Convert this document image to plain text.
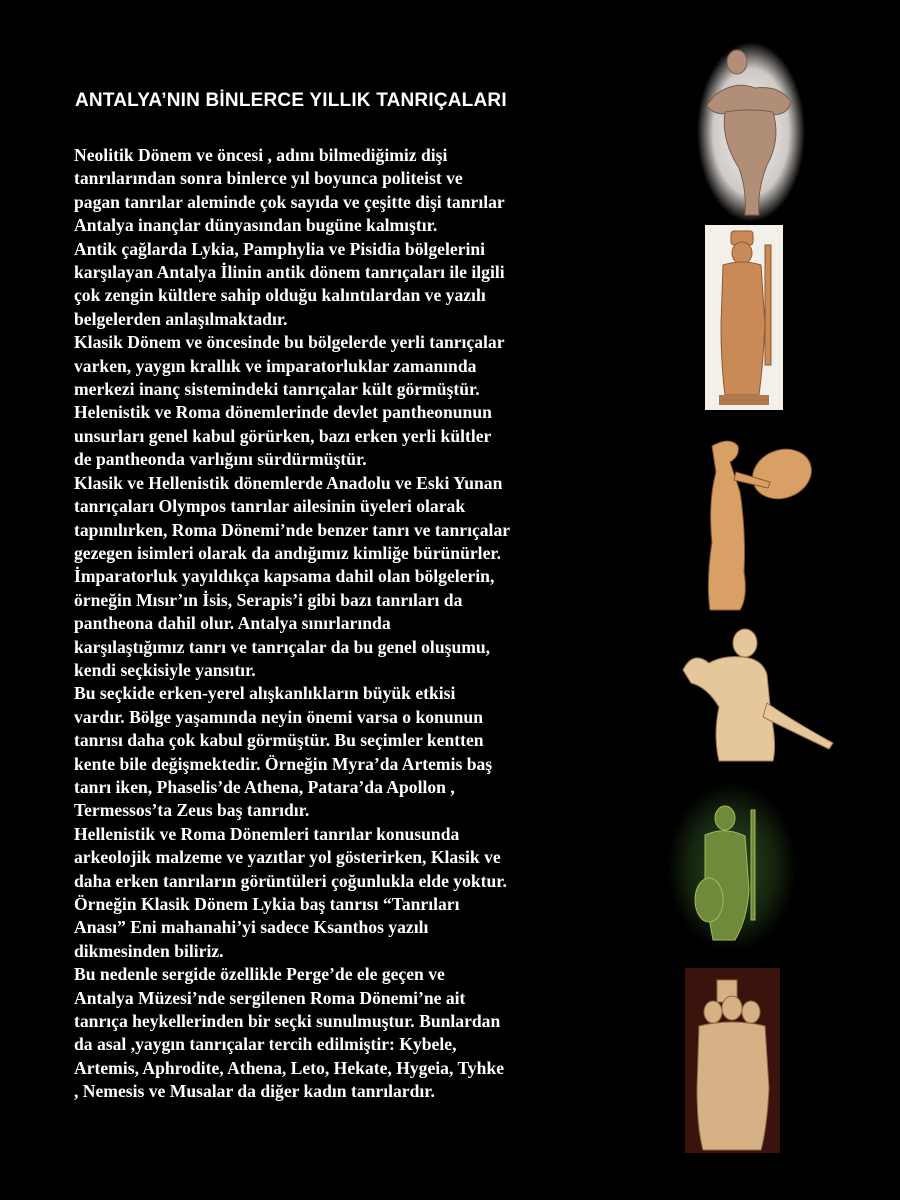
ANTALYA’NIN BİNLERCE YILLIK TANRIÇALARI
Neolitik Dönem ve öncesi , adını bilmediğimiz dişi
tanrılarından sonra binlerce yıl boyunca politeist ve
pagan tanrılar aleminde çok sayıda ve çeşitte dişi tanrılar
Antalya inançlar dünyasından bugüne kalmıştır.
Antik çağlarda Lykia, Pamphylia ve Pisidia bölgelerini
karşılayan Antalya İlinin antik dönem tanrıçaları ile ilgili
çok zengin kültlere sahip olduğu kalıntılardan ve yazılı
belgelerden anlaşılmaktadır.
Klasik Dönem ve öncesinde bu bölgelerde yerli tanrıçalar
varken, yaygın krallık ve imparatorluklar zamanında
merkezi inanç sistemindeki tanrıçalar kült görmüştür.
Helenistik ve Roma dönemlerinde devlet pantheonunun
unsurları genel kabul görürken, bazı erken yerli kültler
de pantheonda varlığını sürdürmüştür.
Klasik ve Hellenistik dönemlerde Anadolu ve Eski Yunan
tanrıçaları Olympos tanrılar ailesinin üyeleri olarak
tapınılırken, Roma Dönemi’nde benzer tanrı ve tanrıçalar
gezegen isimleri olarak da andığımız kimliğe bürünürler.
İmparatorluk yayıldıkça kapsama dahil olan bölgelerin,
örneğin Mısır’ın İsis, Serapis’i gibi bazı tanrıları da
pantheona dahil olur. Antalya sınırlarında
karşılaştığımız tanrı ve tanrıçalar da bu genel oluşumu,
kendi seçkisiyle yansıtır.
Bu seçkide erken-yerel alışkanlıkların büyük etkisi
vardır. Bölge yaşamında neyin önemi varsa o konunun
tanrısı daha çok kabul görmüştür. Bu seçimler kentten
kente bile değişmektedir. Örneğin Myra’da Artemis baş
tanrı iken, Phaselis’de Athena, Patara’da Apollon ,
Termessos’ta Zeus baş tanrıdır.
Hellenistik ve Roma Dönemleri tanrılar konusunda
arkeolojik malzeme ve yazıtlar yol gösterirken, Klasik ve
daha erken tanrıların görüntüleri çoğunlukla elde yoktur.
Örneğin Klasik Dönem Lykia baş tanrısı “Tanrıları
Anası” Eni mahanahi’yi sadece Ksanthos yazılı
dikmesinden biliriz.
Bu nedenle sergide özellikle Perge’de ele geçen ve
Antalya Müzesi’nde sergilenen Roma Dönemi’ne ait
tanrıça heykellerinden bir seçki sunulmuştur. Bunlardan
da asal ,yaygın tanrıçalar tercih edilmiştir: Kybele,
Artemis, Aphrodite, Athena, Leto, Hekate, Hygeia, Tyhke
, Nemesis ve Musalar da diğer kadın tanrılardır.
